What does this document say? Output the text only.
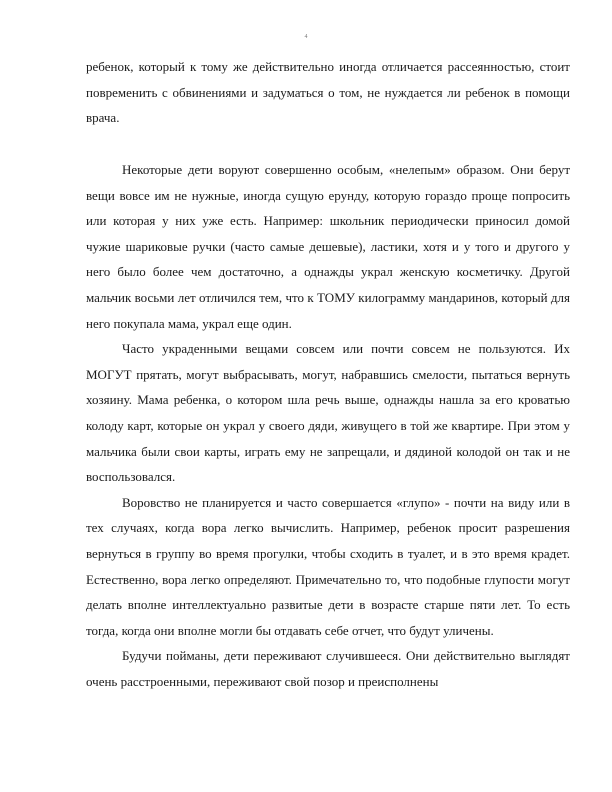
4

ребенок, который к тому же действительно иногда отличается рассеянностью, стоит повременить с обвинениями и задуматься о том, не нуждается ли ребенок в помощи врача.

Некоторые дети воруют совершенно особым, «нелепым» образом. Они берут вещи вовсе им не нужные, иногда сущую ерунду, которую гораздо проще попросить или которая у них уже есть. Например: школьник периодически приносил домой чужие шариковые ручки (часто самые дешевые), ластики, хотя и у того и другого у него было более чем достаточно, а однажды украл женскую косметичку. Другой мальчик восьми лет отличился тем, что к ТОМУ килограмму мандаринов, который для него покупала мама, украл еще один.

Часто украденными вещами совсем или почти совсем не пользуются. Их МОГУТ прятать, могут выбрасывать, могут, набравшись смелости, пытаться вернуть хозяину. Мама ребенка, о котором шла речь выше, однажды нашла за его кроватью колоду карт, которые он украл у своего дяди, живущего в той же квартире. При этом у мальчика были свои карты, играть ему не запрещали, и дядиной колодой он так и не воспользовался.

Воровство не планируется и часто совершается «глупо» - почти на виду или в тех случаях, когда вора легко вычислить. Например, ребенок просит разрешения вернуться в группу во время прогулки, чтобы сходить в туалет, и в это время крадет. Естественно, вора легко определяют. Примечательно то, что подобные глупости могут делать вполне интеллектуально развитые дети в возрасте старше пяти лет. То есть тогда, когда они вполне могли бы отдавать себе отчет, что будут уличены.

Будучи пойманы, дети переживают случившееся. Они действительно выглядят очень расстроенными, переживают свой позор и преисполнены
